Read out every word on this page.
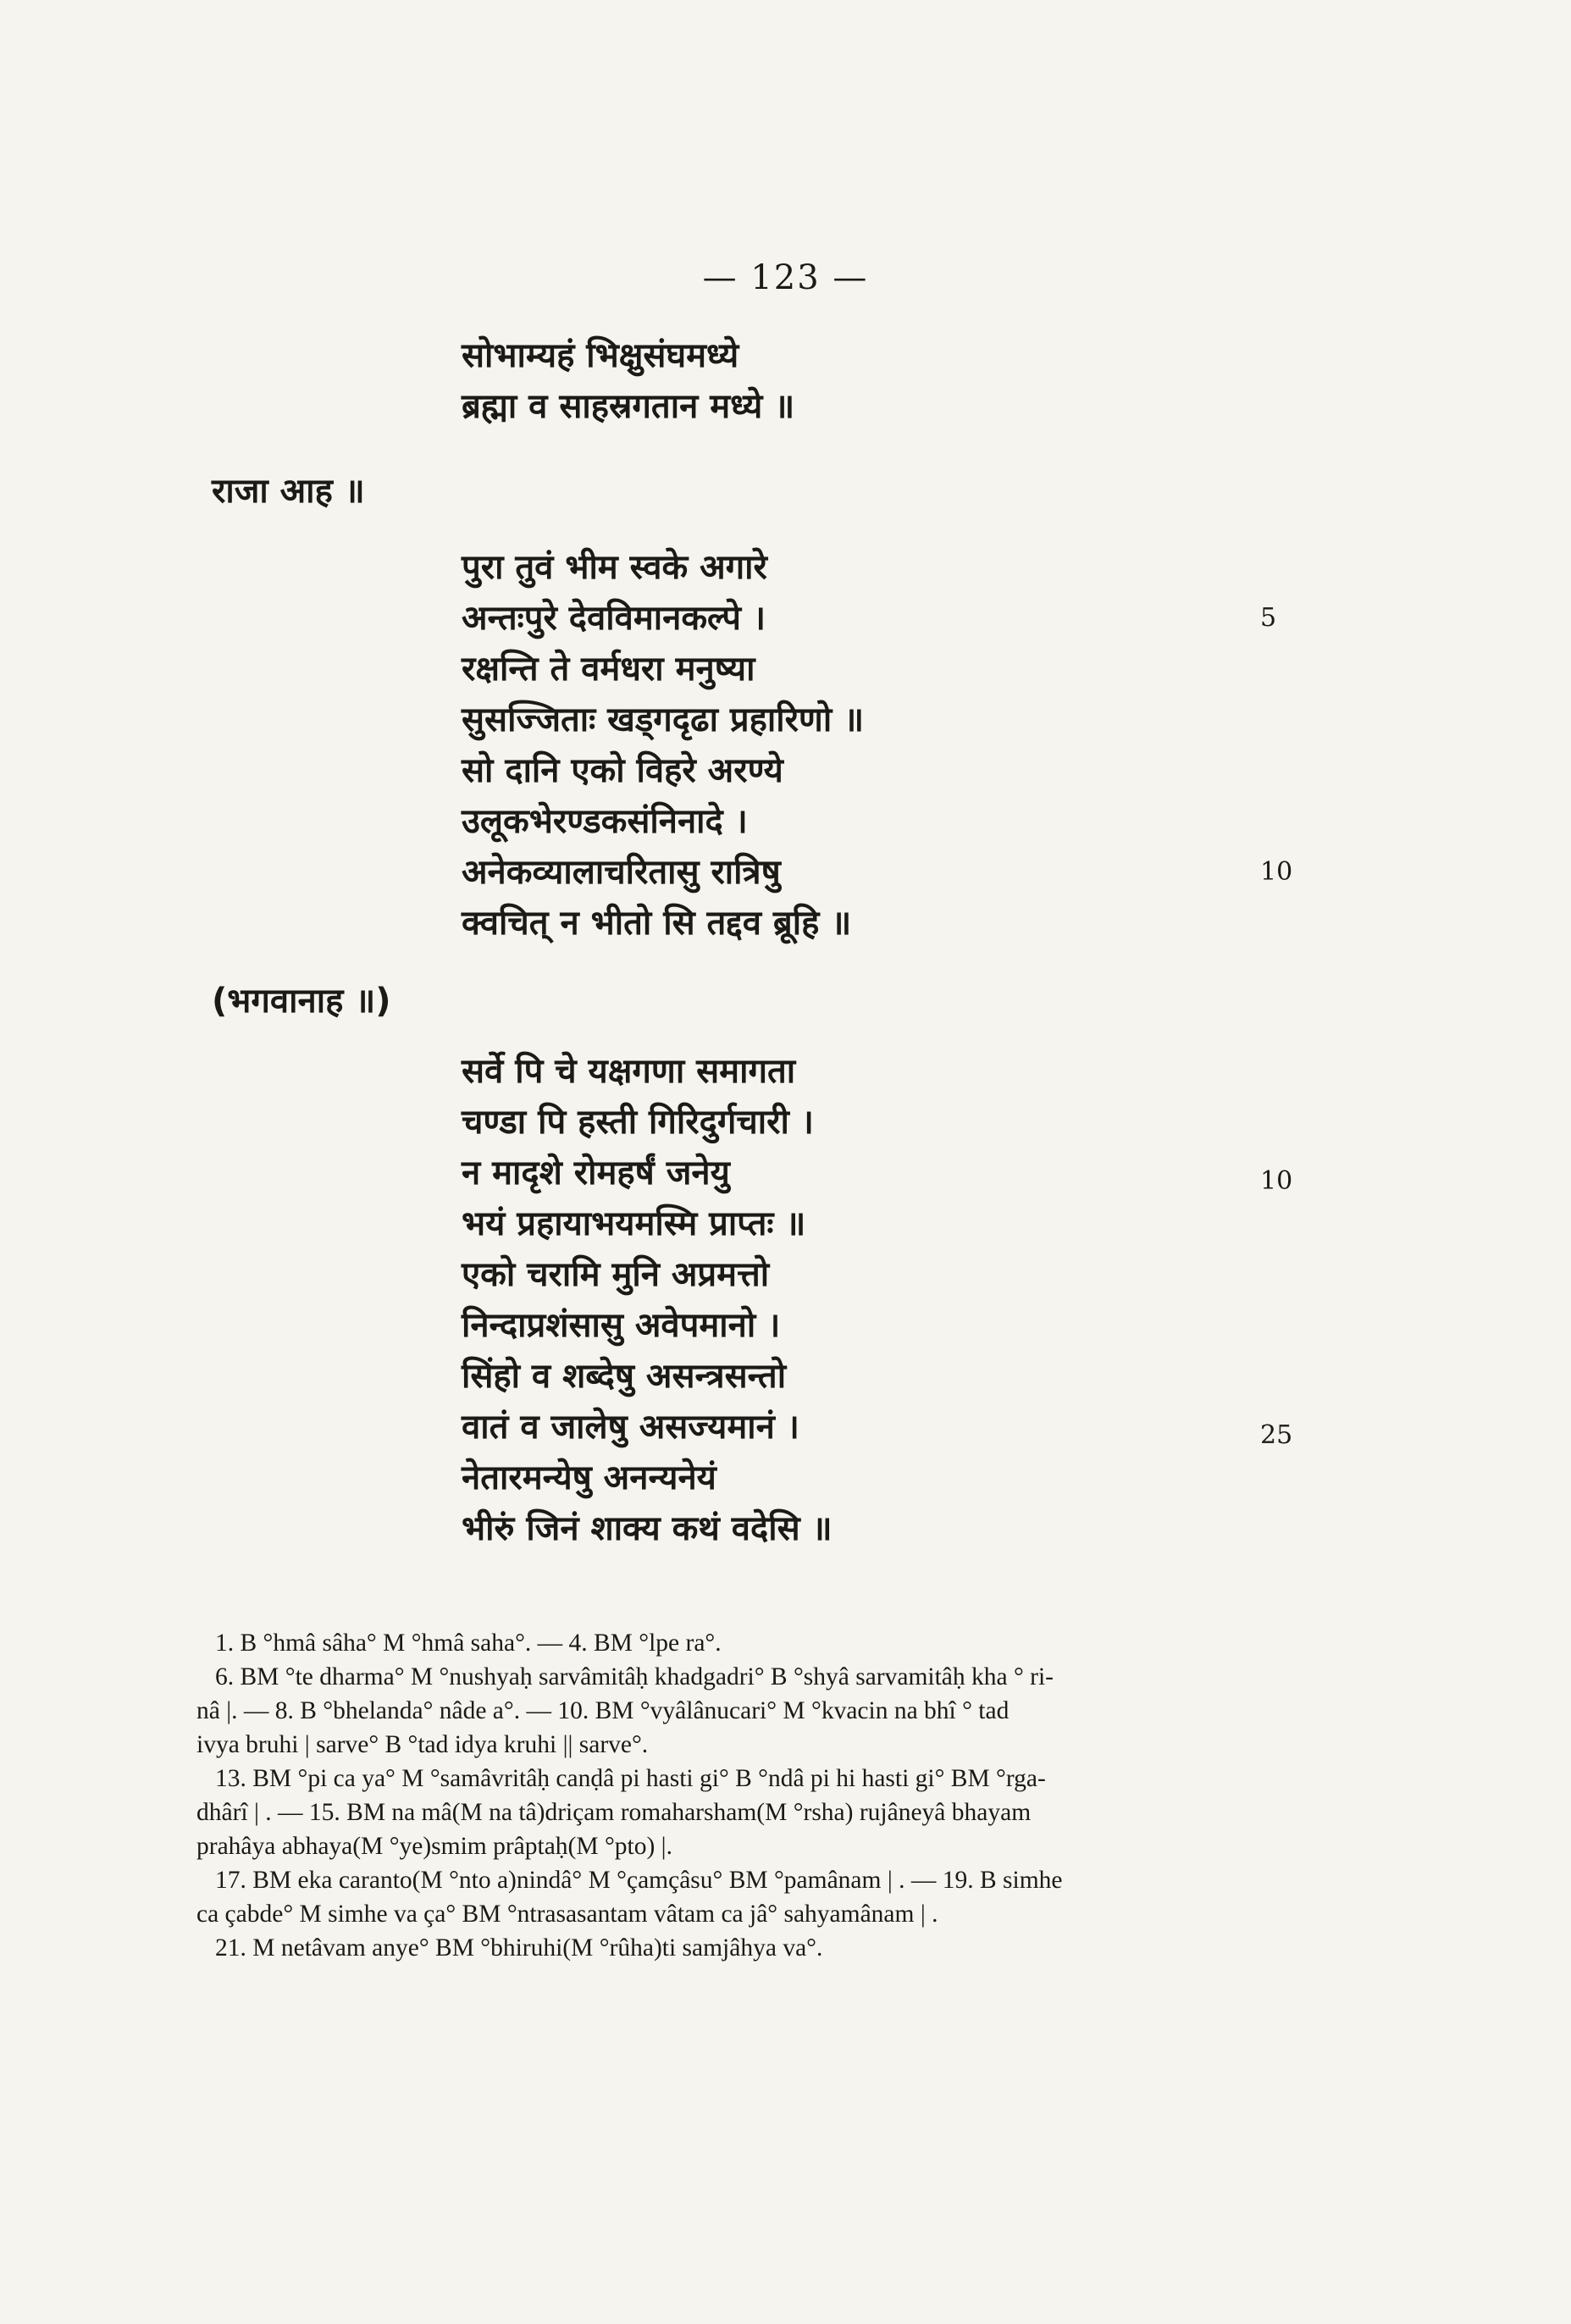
— 123 —
सोभाम्यहं भिक्षुसंघमध्ये
ब्रह्मा व साहस्रगतान मध्ये ॥
राजा आह ॥
पुरा तुवं भीम स्वके अगारे
अन्तःपुरे देवविमानकल्पे ।
रक्षन्ति ते वर्मधरा मनुष्या
सुसज्जिताः खड्गदृढा प्रहारिणो ॥
सो दानि एको विहरे अरण्ये
उलूकभेरण्डकसंनिनादे ।
अनेकव्यालाचरितासु रात्रिषु
क्वचित् न भीतो सि तद्दव ब्रूहि ॥
(भगवानाह ॥)
सर्वे पि चे यक्षगणा समागता
चण्डा पि हस्ती गिरिदुर्गचारी ।
न मादृशे रोमहर्षं जनेयु
भयं प्रहायाभयमस्मि प्राप्तः ॥
एको चरामि मुनि अप्रमत्तो
निन्दाप्रशंसासु अवेपमानो ।
सिंहो व शब्देषु असन्त्रसन्तो
वातं व जालेषु असज्यमानं ।
नेतारमन्येषु अनन्यनेयं
भीरुं जिनं शाक्य कथं वदेसि ॥
5
10
10
25

1. B °hmâ sâha° M °hmâ saha°. — 4. BM °lpe ra°.

6. BM °te dharma° M °nushyaḥ sarvâmitâḥ khadgadri° B °shyâ sarvamitâḥ kha ° ri-

nâ |. — 8. B °bhelanda° nâde a°. — 10. BM °vyâlânucari° M °kvacin na bhî ° tad

ivya bruhi | sarve° B °tad idya kruhi || sarve°.

13. BM °pi ca ya° M °samâvritâḥ canḍâ pi hasti gi° B °ndâ pi hi hasti gi° BM °rga-

dhârî | . — 15. BM na mâ(M na tâ)driçam romaharsham(M °rsha) rujâneyâ bhayam

prahâya abhaya(M °ye)smim prâptaḥ(M °pto) |.

17. BM eka caranto(M °nto a)nindâ° M °çamçâsu° BM °pamânam | . — 19. B simhe

ca çabde° M simhe va ça° BM °ntrasasantam vâtam ca jâ° sahyamânam | .

21. M netâvam anye° BM °bhiruhi(M °rûha)ti samjâhya va°.
